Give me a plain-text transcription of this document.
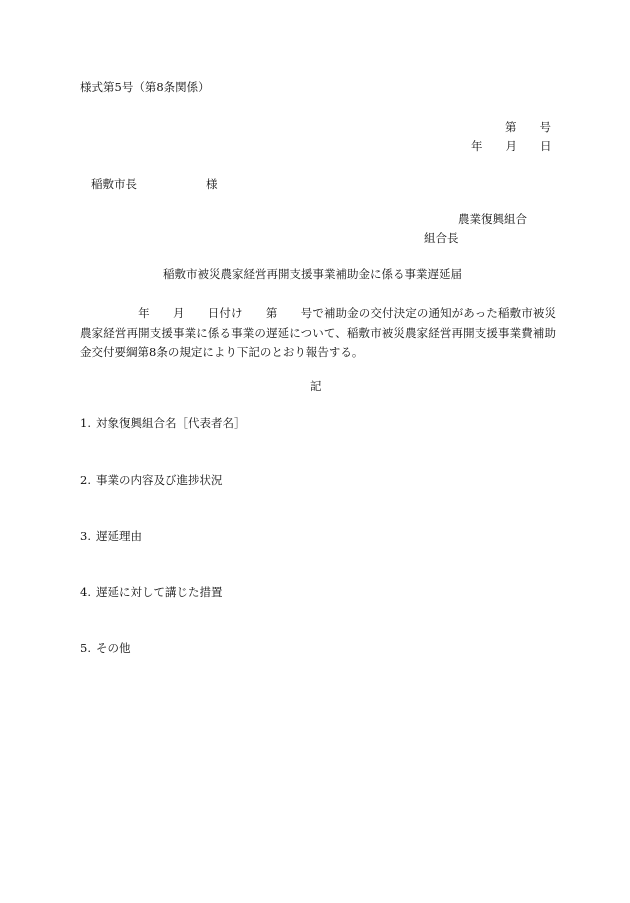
様式第5号（第8条関係）
第　　号
年　　月　　日
稲敷市長　　　　　　様
農業復興組合
組合長
稲敷市被災農家経営再開支援事業補助金に係る事業遅延届
年　　月　　日付け　　第　　号で補助金の交付決定の通知があった稲敷市被災農家経営再開支援事業に係る事業の遅延について、稲敷市被災農家経営再開支援事業費補助金交付要綱第8条の規定により下記のとおり報告する。
記
1. 対象復興組合名［代表者名］
2. 事業の内容及び進捗状況
3. 遅延理由
4. 遅延に対して講じた措置
5. その他
